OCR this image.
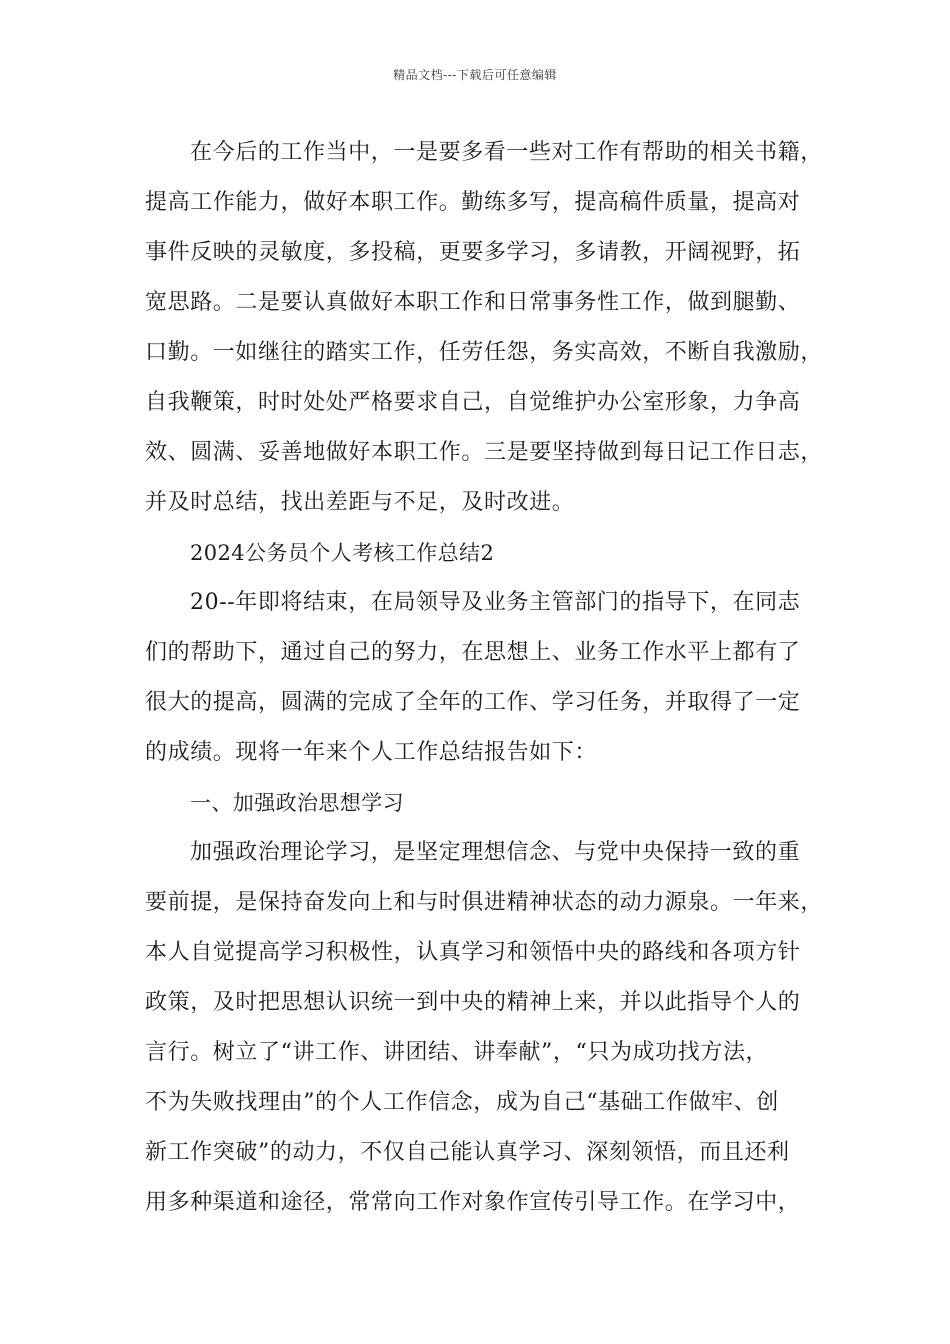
精品文档---下载后可任意编辑
在今后的工作当中，一是要多看一些对工作有帮助的相关书籍，
提高工作能力，做好本职工作。勤练多写，提高稿件质量，提高对
事件反映的灵敏度，多投稿，更要多学习，多请教，开阔视野，拓
宽思路。二是要认真做好本职工作和日常事务性工作，做到腿勤、
口勤。一如继往的踏实工作，任劳任怨，务实高效，不断自我激励，
自我鞭策，时时处处严格要求自己，自觉维护办公室形象，力争高
效、圆满、妥善地做好本职工作。三是要坚持做到每日记工作日志，
并及时总结，找出差距与不足，及时改进。
2024公务员个人考核工作总结2
20--年即将结束，在局领导及业务主管部门的指导下，在同志
们的帮助下，通过自己的努力，在思想上、业务工作水平上都有了
很大的提高，圆满的完成了全年的工作、学习任务，并取得了一定
的成绩。现将一年来个人工作总结报告如下：
一、加强政治思想学习
加强政治理论学习，是坚定理想信念、与党中央保持一致的重
要前提，是保持奋发向上和与时俱进精神状态的动力源泉。一年来，
本人自觉提高学习积极性，认真学习和领悟中央的路线和各项方针
政策，及时把思想认识统一到中央的精神上来，并以此指导个人的
言行。树立了“讲工作、讲团结、讲奉献”，“只为成功找方法，
不为失败找理由”的个人工作信念，成为自己“基础工作做牢、创
新工作突破”的动力，不仅自己能认真学习、深刻领悟，而且还利
用多种渠道和途径，常常向工作对象作宣传引导工作。在学习中，
